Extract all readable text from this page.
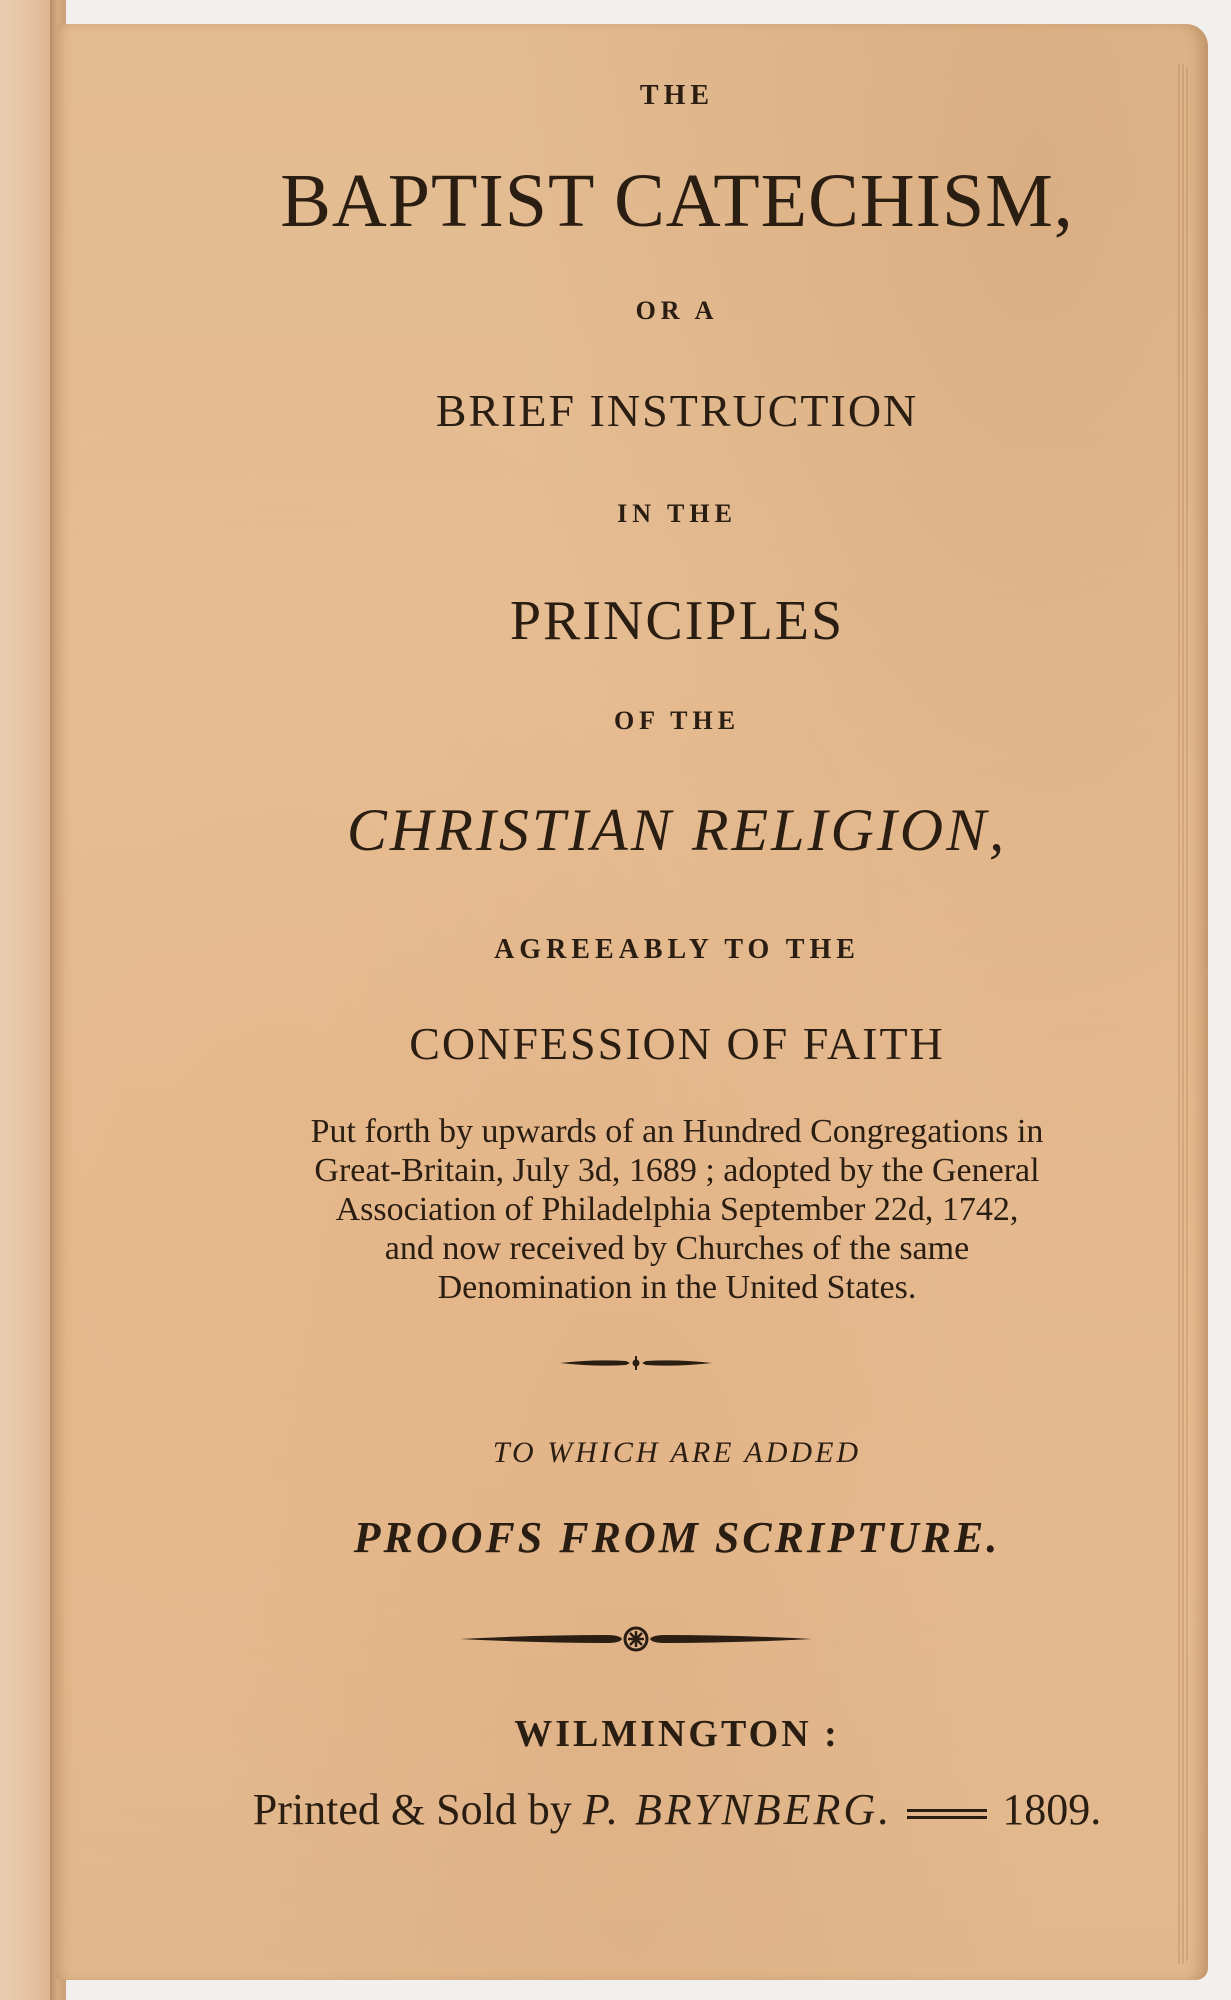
THE
BAPTIST CATECHISM,
OR A
BRIEF INSTRUCTION
IN THE
PRINCIPLES
OF THE
CHRISTIAN RELIGION,
AGREEABLY TO THE
CONFESSION OF FAITH
Put forth by upwards of an Hundred Congregations in
Great-Britain, July 3d, 1689 ; adopted by the General
Association of Philadelphia September 22d, 1742,
and now received by Churches of the same
Denomination in the United States.
TO WHICH ARE ADDED
PROOFS FROM SCRIPTURE.
WILMINGTON :
Printed & Sold by P. BRYNBERG.	1809.
